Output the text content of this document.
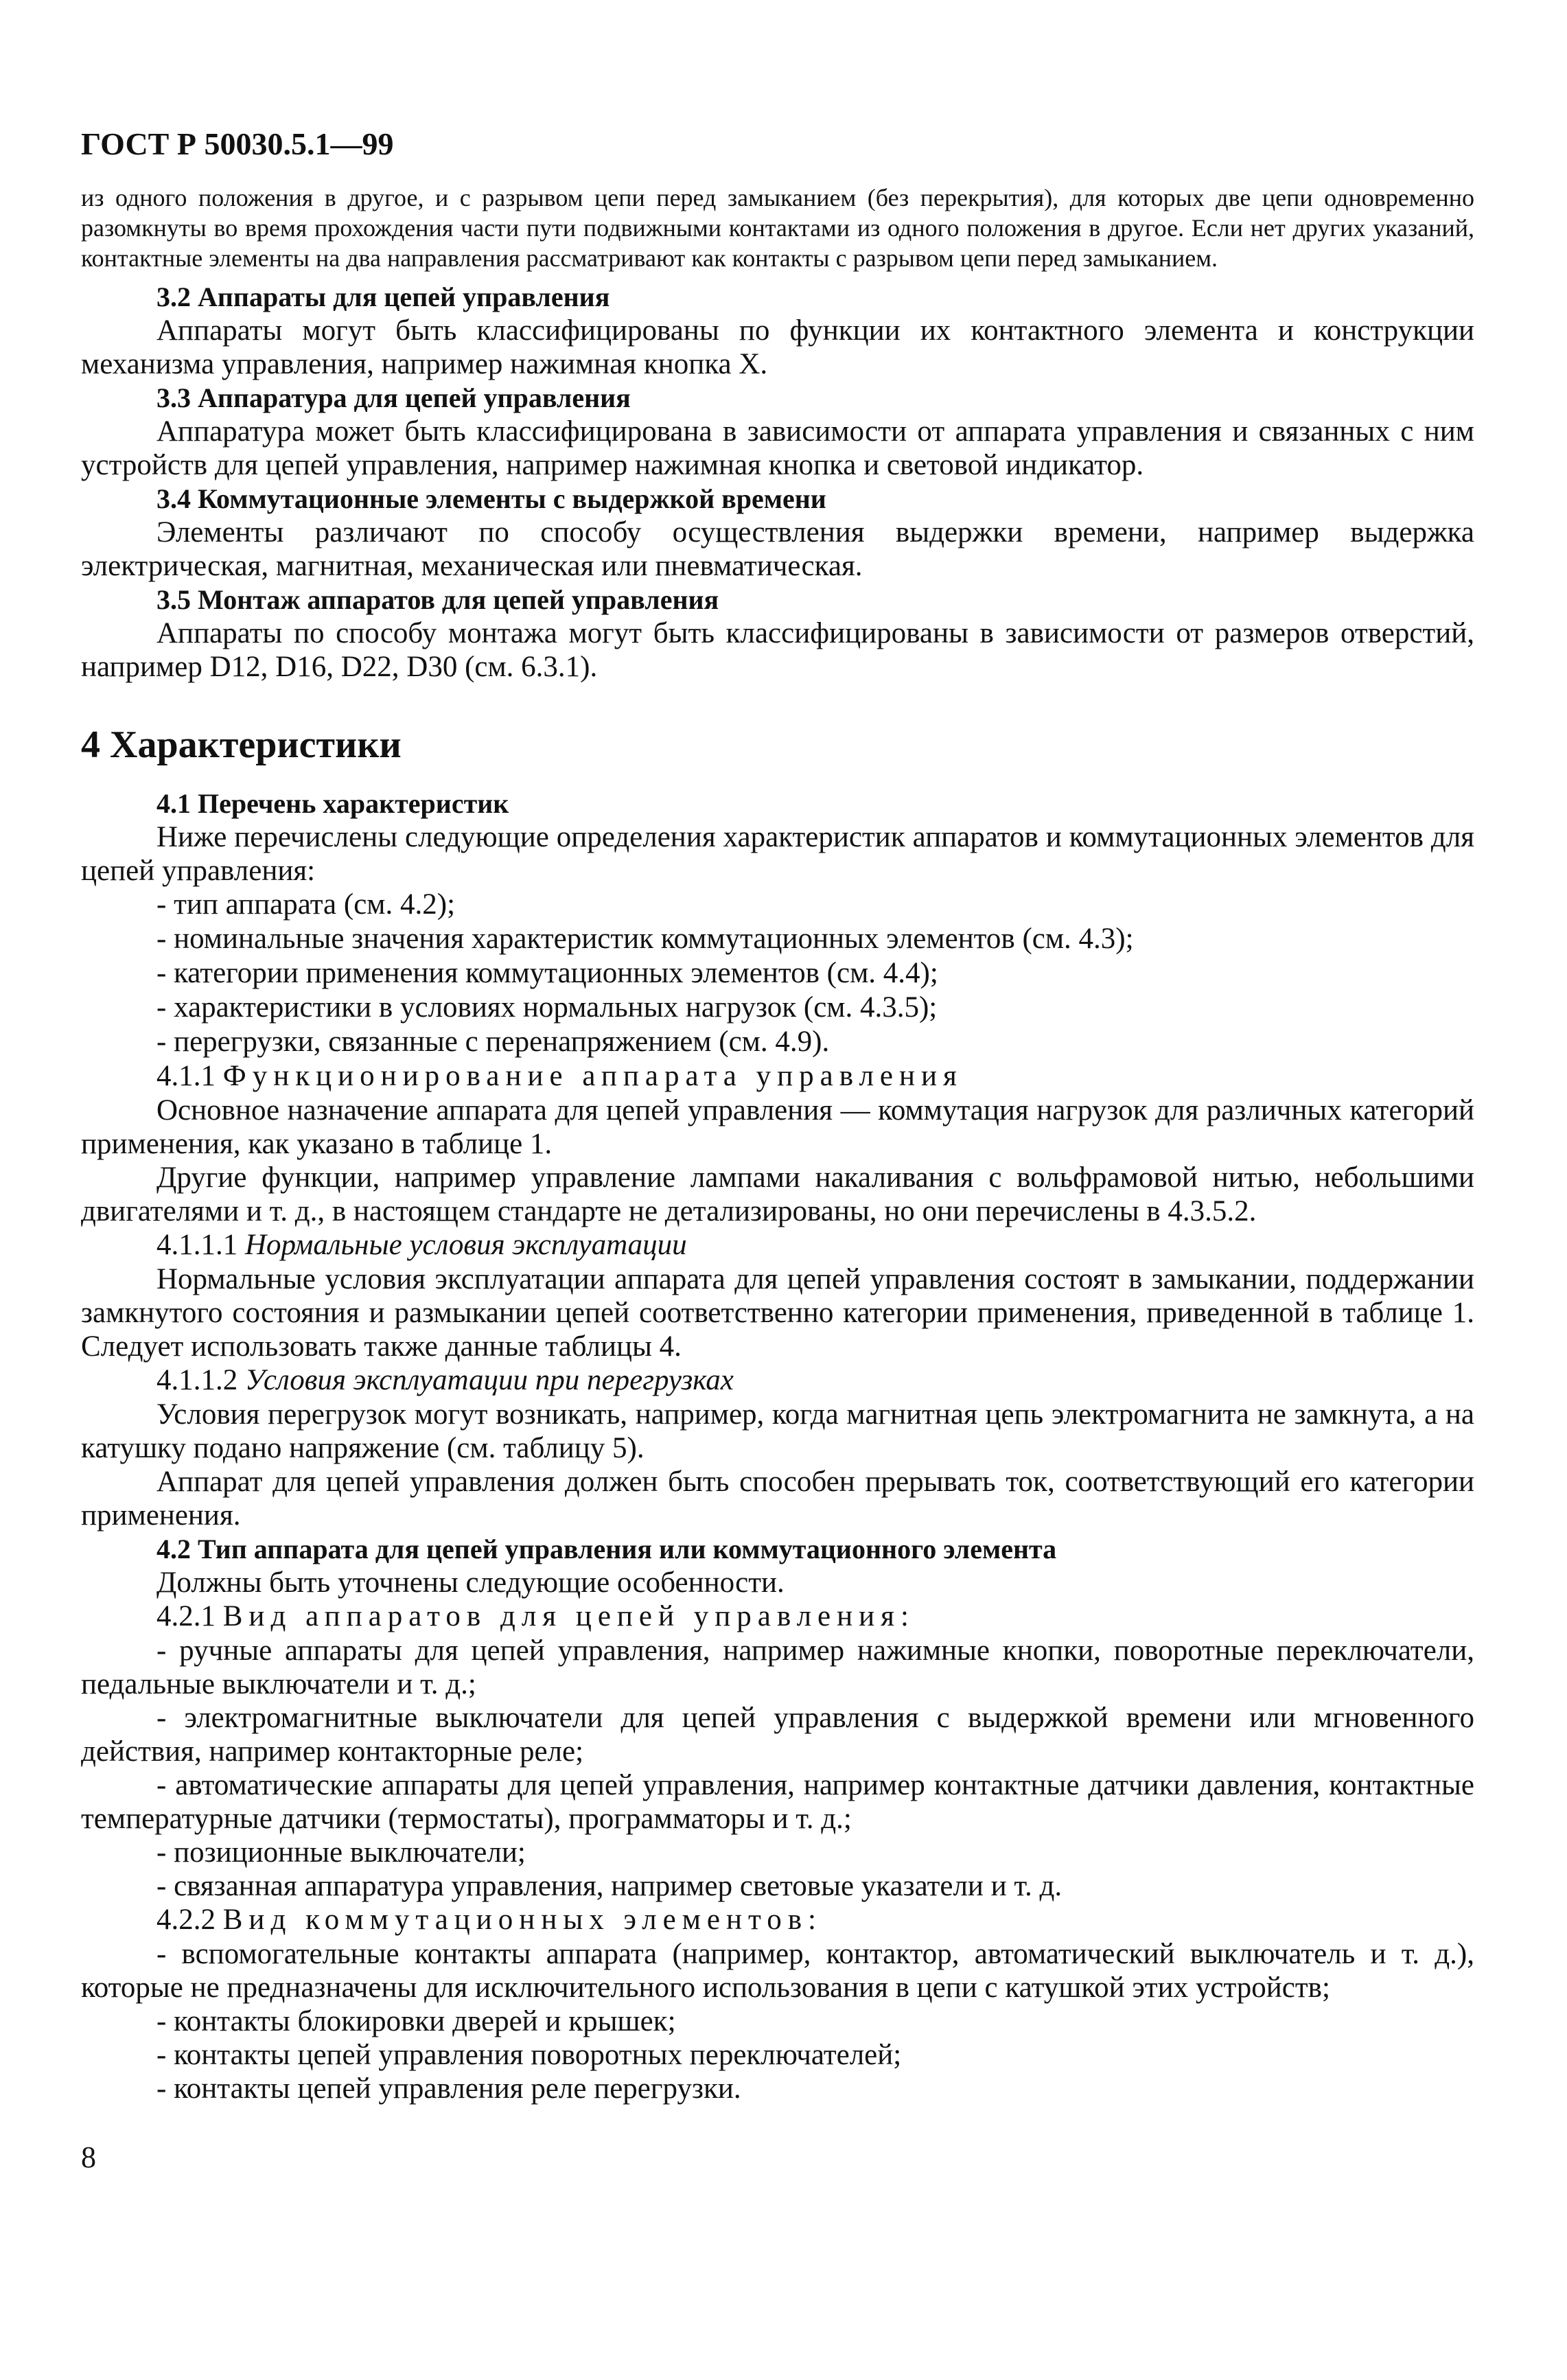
ГОСТ Р 50030.5.1—99

из одного положения в другое, и с разрывом цепи перед замыканием (без перекрытия), для которых две цепи одновременно разомкнуты во время прохождения части пути подвижными контактами из одного положения в другое. Если нет других указаний, контактные элементы на два направления рассматривают как контакты с разрывом цепи перед замыканием.

3.2 Аппараты для цепей управления

Аппараты могут быть классифицированы по функции их контактного элемента и конструкции механизма управления, например нажимная кнопка X.

3.3 Аппаратура для цепей управления

Аппаратура может быть классифицирована в зависимости от аппарата управления и связанных с ним устройств для цепей управления, например нажимная кнопка и световой индикатор.

3.4 Коммутационные элементы с выдержкой времени

Элементы различают по способу осуществления выдержки времени, например выдержка электрическая, магнитная, механическая или пневматическая.

3.5 Монтаж аппаратов для цепей управления

Аппараты по способу монтажа могут быть классифицированы в зависимости от размеров отверстий, например D12, D16, D22, D30 (см. 6.3.1).

4 Характеристики

4.1 Перечень характеристик

Ниже перечислены следующие определения характеристик аппаратов и коммутационных элементов для цепей управления:

- тип аппарата (см. 4.2);
- номинальные значения характеристик коммутационных элементов (см. 4.3);
- категории применения коммутационных элементов (см. 4.4);
- характеристики в условиях нормальных нагрузок (см. 4.3.5);
- перегрузки, связанные с перенапряжением (см. 4.9).
4.1.1 Функционирование аппарата управления

Основное назначение аппарата для цепей управления — коммутация нагрузок для различных категорий применения, как указано в таблице 1.

Другие функции, например управление лампами накаливания с вольфрамовой нитью, небольшими двигателями и т. д., в настоящем стандарте не детализированы, но они перечислены в 4.3.5.2.

4.1.1.1 Нормальные условия эксплуатации

Нормальные условия эксплуатации аппарата для цепей управления состоят в замыкании, поддержании замкнутого состояния и размыкании цепей соответственно категории применения, приведенной в таблице 1. Следует использовать также данные таблицы 4.

4.1.1.2 Условия эксплуатации при перегрузках

Условия перегрузок могут возникать, например, когда магнитная цепь электромагнита не замкнута, а на катушку подано напряжение (см. таблицу 5).

Аппарат для цепей управления должен быть способен прерывать ток, соответствующий его категории применения.

4.2 Тип аппарата для цепей управления или коммутационного элемента

Должны быть уточнены следующие особенности.

4.2.1 Вид аппаратов для цепей управления:

- ручные аппараты для цепей управления, например нажимные кнопки, поворотные переключатели, педальные выключатели и т. д.;

- электромагнитные выключатели для цепей управления с выдержкой времени или мгновенного действия, например контакторные реле;

- автоматические аппараты для цепей управления, например контактные датчики давления, контактные температурные датчики (термостаты), программаторы и т. д.;

- позиционные выключатели;

- связанная аппаратура управления, например световые указатели и т. д.

4.2.2 Вид коммутационных элементов:

- вспомогательные контакты аппарата (например, контактор, автоматический выключатель и т. д.), которые не предназначены для исключительного использования в цепи с катушкой этих устройств;

- контакты блокировки дверей и крышек;

- контакты цепей управления поворотных переключателей;

- контакты цепей управления реле перегрузки.

8
